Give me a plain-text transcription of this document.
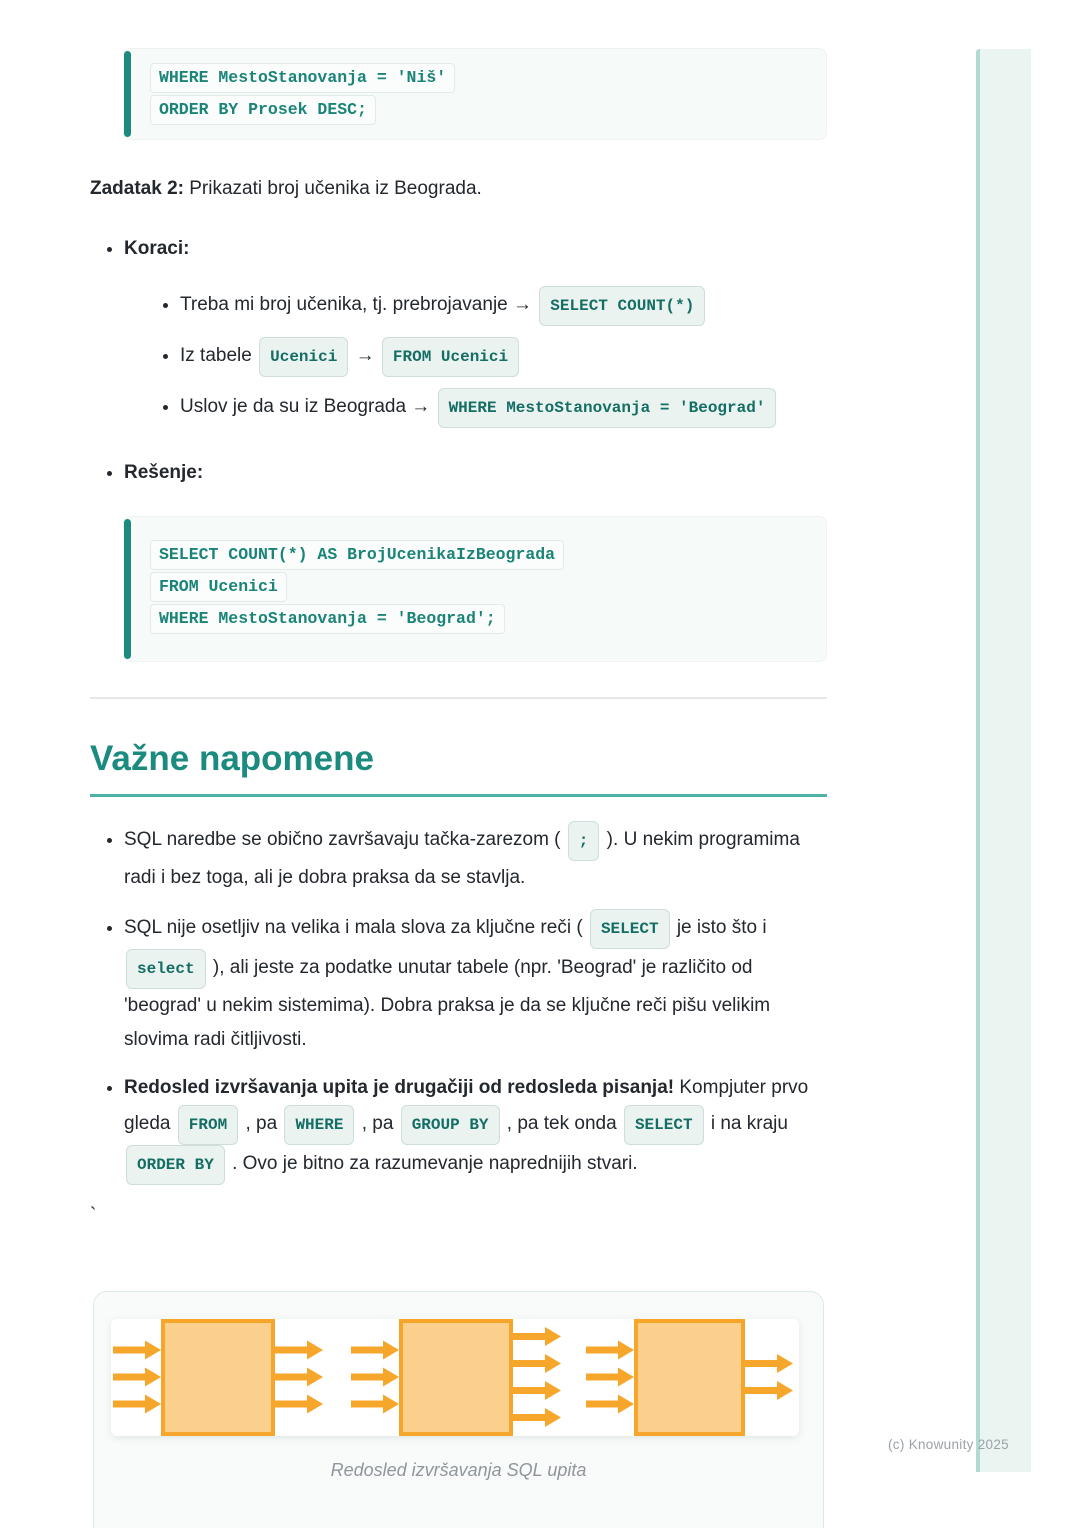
WHERE MestoStanovanja = 'Niš'
ORDER BY Prosek DESC;
Zadatak 2: Prikazati broj učenika iz Beograda.
• Koraci:
• Treba mi broj učenika, tj. prebrojavanje → SELECT COUNT(*)
• Iz tabele Ucenici → FROM Ucenici
• Uslov je da su iz Beograda → WHERE MestoStanovanja = 'Beograd'
• Rešenje:
SELECT COUNT(*) AS BrojUcenikaIzBeograda
FROM Ucenici
WHERE MestoStanovanja = 'Beograd';
Važne napomene
• SQL naredbe se obično završavaju tačka-zarezom ( ; ). U nekim programima radi i bez toga, ali je dobra praksa da se stavlja.
• SQL nije osetljiv na velika i mala slova za ključne reči ( SELECT je isto što i select ), ali jeste za podatke unutar tabele (npr. 'Beograd' je različito od 'beograd' u nekim sistemima). Dobra praksa je da se ključne reči pišu velikim slovima radi čitljivosti.
• Redosled izvršavanja upita je drugačiji od redosleda pisanja! Kompjuter prvo gleda FROM , pa WHERE , pa GROUP BY , pa tek onda SELECT i na kraju ORDER BY . Ovo je bitno za razumevanje naprednijih stvari.
`
Redosled izvršavanja SQL upita
(c) Knowunity 2025
